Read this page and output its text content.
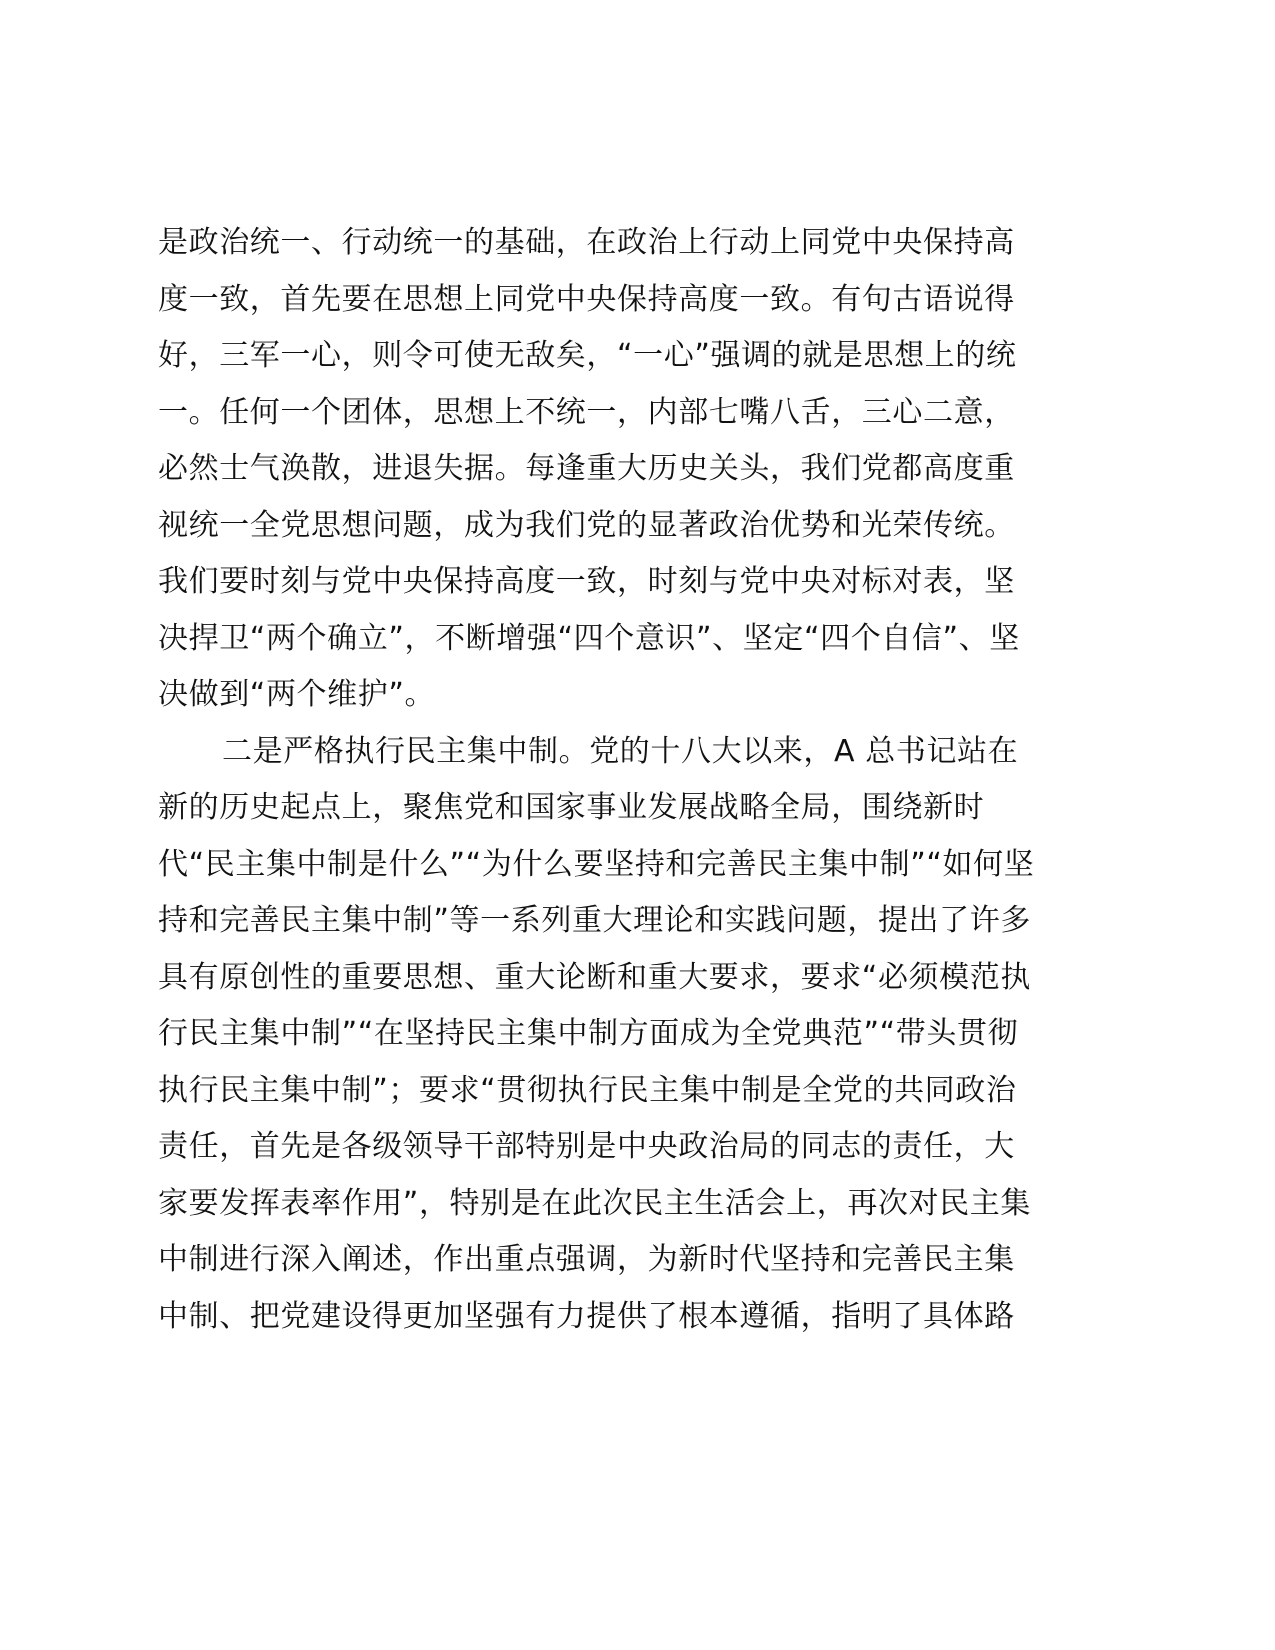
是政治统一、行动统一的基础，在政治上行动上同党中央保持高
度一致，首先要在思想上同党中央保持高度一致。有句古语说得
好，三军一心，则令可使无敌矣，“一心”强调的就是思想上的统
一。任何一个团体，思想上不统一，内部七嘴八舌，三心二意，
必然士气涣散，进退失据。每逢重大历史关头，我们党都高度重
视统一全党思想问题，成为我们党的显著政治优势和光荣传统。
我们要时刻与党中央保持高度一致，时刻与党中央对标对表，坚
决捍卫“两个确立”，不断增强“四个意识”、坚定“四个自信”、坚
决做到“两个维护”。
二是严格执行民主集中制。党的十八大以来，A 总书记站在
新的历史起点上，聚焦党和国家事业发展战略全局，围绕新时
代“民主集中制是什么”“为什么要坚持和完善民主集中制”“如何坚
持和完善民主集中制”等一系列重大理论和实践问题，提出了许多
具有原创性的重要思想、重大论断和重大要求，要求“必须模范执
行民主集中制”“在坚持民主集中制方面成为全党典范”“带头贯彻
执行民主集中制”；要求“贯彻执行民主集中制是全党的共同政治
责任，首先是各级领导干部特别是中央政治局的同志的责任，大
家要发挥表率作用”，特别是在此次民主生活会上，再次对民主集
中制进行深入阐述，作出重点强调，为新时代坚持和完善民主集
中制、把党建设得更加坚强有力提供了根本遵循，指明了具体路
